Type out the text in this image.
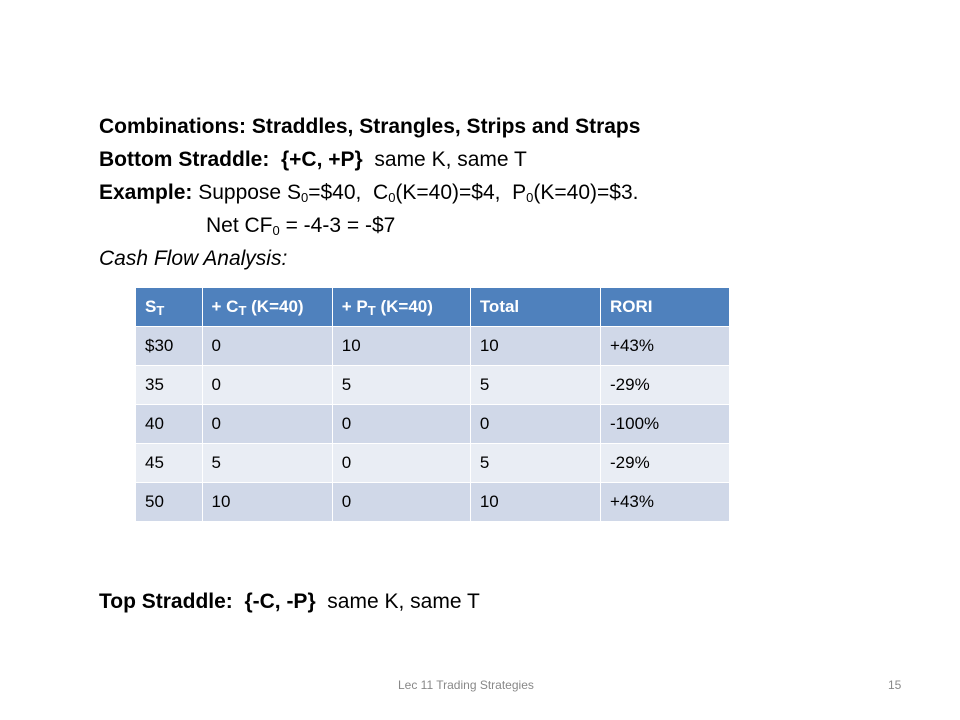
Combinations: Straddles, Strangles, Strips and Straps
Bottom Straddle:  {+C, +P}  same K, same T
Example: Suppose $S_0=\$40$,  $C_0(K=40)=\$4$,  $P_0(K=40)=\$3$.
Net $CF_0 = -4-3$ = -$7
Cash Flow Analysis:
$S_T$	+ $C_T$ (K=40)	+ $P_T$ (K=40)	Total	RORI
$30	0	10	10	+43%
35	0	5	5	-29%
40	0	0	0	-100%
45	5	0	5	-29%
50	10	0	10	+43%
Top Straddle:  {-C, -P}  same K, same T
Lec 11 Trading Strategies	15
